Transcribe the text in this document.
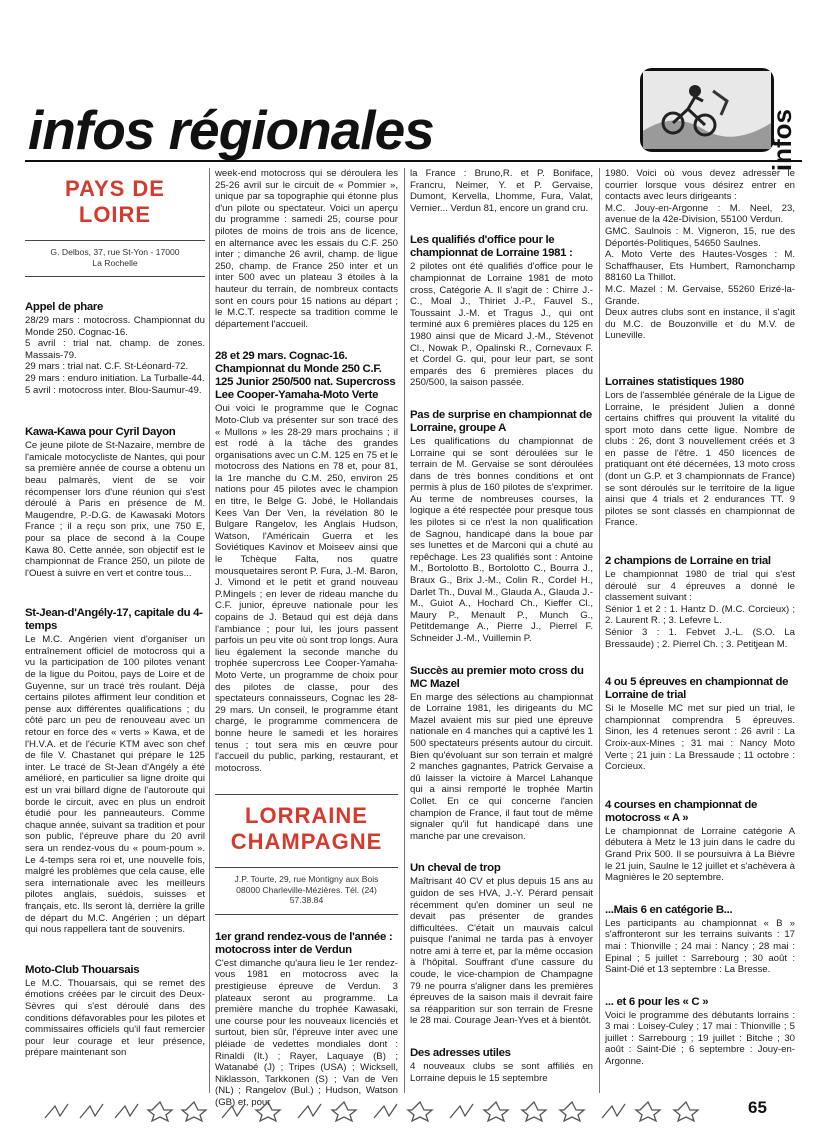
infos régionales	infos
PAYS DE
LOIRE
G. Delbos, 37, rue St-Yon - 17000
La Rochelle
Appel de phare

28/29 mars : motocross. Championnat du Monde 250. Cognac-16.
5 avril : trial nat. champ. de zones. Massais-79.
29 mars : trial nat. C.F. St-Léonard-72.
29 mars : enduro initiation. La Turballe-44.
5 avril : motocross inter. Blou-Saumur-49.

Kawa-Kawa pour Cyril Dayon

Ce jeune pilote de St-Nazaire, membre de l'amicale motocycliste de Nantes, qui pour sa première année de course a obtenu un beau palmarès, vient de se voir récompenser lors d'une réunion qui s'est déroulé à Paris en présence de M. Maugendre, P.-D.G. de Kawasaki Motors France ; il a reçu son prix, une 750 E, pour sa place de second à la Coupe Kawa 80. Cette année, son objectif est le championnat de France 250, un pilote de l'Ouest à suivre en vert et contre tous...

St-Jean-d'Angély-17, capitale du 4-temps

Le M.C. Angérien vient d'organiser un entraînement officiel de motocross qui a vu la participation de 100 pilotes venant de la ligue du Poitou, pays de Loire et de Guyenne, sur un tracé très roulant. Déjà certains pilotes affirment leur condition et pense aux différentes qualifications ; du côté parc un peu de renouveau avec un retour en force des « verts » Kawa, et de l'H.V.A. et de l'écurie KTM avec son chef de file V. Chastanet qui prépare le 125 inter. Le tracé de St-Jean d'Angély a été amélioré, en particulier sa ligne droite qui est un vrai billard digne de l'autoroute qui borde le circuit, avec en plus un endroit étudié pour les panneauteurs. Comme chaque année, suivant sa tradition et pour son public, l'épreuve phare du 20 avril sera un rendez-vous du « poum-poum ». Le 4-temps sera roi et, une nouvelle fois, malgré les problèmes que cela cause, elle sera internationale avec les meilleurs pilotes anglais, suédois, suisses et français, etc. Ils seront là, derrière la grille de départ du M.C. Angérien ; un départ qui nous rappellera tant de souvenirs.

Moto-Club Thouarsais

Le M.C. Thouarsais, qui se remet des émotions créées par le circuit des Deux-Sèvres qui s'est déroulé dans des conditions défavorables pour les pilotes et commissaires officiels qu'il faut remercier pour leur courage et leur présence, prépare maintenant son

week-end motocross qui se déroulera les 25-26 avril sur le circuit de « Pommier », unique par sa topographie qui étonne plus d'un pilote ou spectateur. Voici un aperçu du programme : samedi 25, course pour pilotes de moins de trois ans de licence, en alternance avec les essais du C.F. 250 inter ; dimanche 26 avril, champ. de ligue 250, champ. de France 250 inter et un inter 500 avec un plateau 3 étoiles à la hauteur du terrain, de nombreux contacts sont en cours pour 15 nations au départ ; le M.C.T. respecte sa tradition comme le département l'accueil.

28 et 29 mars. Cognac-16. Championnat du Monde 250 C.F. 125 Junior 250/500 nat. Supercross Lee Cooper-Yamaha-Moto Verte

Oui voici le programme que le Cognac Moto-Club va présenter sur son tracé des « Mullons » les 28-29 mars prochains ; il est rodé à la tâche des grandes organisations avec un C.M. 125 en 75 et le motocross des Nations en 78 et, pour 81, la 1re manche du C.M. 250, environ 25 nations pour 45 pilotes avec le champion en titre, le Belge G. Jobé, le Hollandais Kees Van Der Ven, la révélation 80 le Bulgare Rangelov, les Anglais Hudson, Watson, l'Américain Guerra et les Soviétiques Kavinov et Moiseev ainsi que le Tchèque Falta, nos quatre mousquetaires seront P. Fura, J.-M. Baron, J. Vimond et le petit et grand nouveau P.Mingels ; en lever de rideau manche du C.F. junior, épreuve nationale pour les copains de J. Betaud qui est déjà dans l'ambiance ; pour lui, les jours passent parfois un peu vite où sont trop longs. Aura lieu également la seconde manche du trophée supercross Lee Cooper-Yamaha-Moto Verte, un programme de choix pour des pilotes de classe, pour des spectateurs connaisseurs, Cognac les 28-29 mars. Un conseil, le programme étant chargé, le programme commencera de bonne heure le samedi et les horaires tenus ; tout sera mis en œuvre pour l'accueil du public, parking, restaurant, et motocross.

LORRAINE
CHAMPAGNE
J.P. Tourte, 29, rue Montigny aux Bois
08000 Charleville-Mézières. Tél. (24)
57.38.84
1er grand rendez-vous de l'année : motocross inter de Verdun

C'est dimanche qu'aura lieu le 1er rendez-vous 1981 en motocross avec la prestigieuse épreuve de Verdun. 3 plateaux seront au programme. La première manche du trophée Kawasaki, une course pour les nouveaux licenciés et surtout, bien sûr, l'épreuve inter avec une pléiade de vedettes mondiales dont : Rinaldi (It.) ; Rayer, Laquaye (B) ; Watanabé (J) ; Tripes (USA) ; Wicksell, Niklasson, Tarkkonen (S) ; Van de Ven (NL) ; Rangelov (Bul.) ; Hudson, Watson (GB) et, pour

la France : Bruno,R. et P. Boniface, Francru, Neimer, Y. et P. Gervaise, Dumont, Kervella, Lhomme, Fura, Valat, Vernier... Verdun 81, encore un grand cru.

Les qualifiés d'office pour le championnat de Lorraine 1981 :

2 pilotes ont été qualifiés d'office pour le championnat de Lorraine 1981 de moto cross, Catégorie A. Il s'agit de : Chirre J.-C., Moal J., Thiriet J.-P., Fauvel S., Toussaint J.-M. et Tragus J., qui ont terminé aux 6 premières places du 125 en 1980 ainsi que de Micard J.-M., Stévenot Cl., Nowak P., Opalinski R., Cornevaux F. et Cordel G. qui, pour leur part, se sont emparés des 6 premières places du 250/500, la saison passée.

Pas de surprise en championnat de Lorraine, groupe A

Les qualifications du championnat de Lorraine qui se sont déroulées sur le terrain de M. Gervaise se sont déroulées dans de très bonnes conditions et ont permis à plus de 160 pilotes de s'exprimer. Au terme de nombreuses courses, la logique a été respectée pour presque tous les pilotes si ce n'est la non qualification de Sagnou, handicapé dans la boue par ses lunettes et de Marconi qui a chuté au repêchage. Les 23 qualifiés sont : Antoine M., Bortolotto B., Bortolotto C., Bourra J., Braux G., Brix J.-M., Colin R., Cordel H., Darlet Th., Duval M., Glauda A., Glauda J.-M., Guiot A., Hochard Ch., Kieffer Cl., Maury P., Menault P., Munch G., Petitdemange A., Pierre J., Pierrel F. Schneider J.-M., Vuillemin P.

Succès au premier moto cross du MC Mazel

En marge des sélections au championnat de Lorraine 1981, les dirigeants du MC Mazel avaient mis sur pied une épreuve nationale en 4 manches qui a captivé les 1 500 spectateurs présents autour du circuit. Bien qu'évoluant sur son terrain et malgré 2 manches gagnantes, Patrick Gervaise a dû laisser la victoire à Marcel Lahanque qui a ainsi remporté le trophée Martin Collet. En ce qui concerne l'ancien champion de France, il faut tout de même signaler qu'il fut handicapé dans une manche par une crevaison.

Un cheval de trop

Maîtrisant 40 CV et plus depuis 15 ans au guidon de ses HVA, J.-Y. Pérard pensait récemment qu'en dominer un seul ne devait pas présenter de grandes difficultées. C'était un mauvais calcul puisque l'animal ne tarda pas à envoyer notre ami à terre et, par la même occasion à l'hôpital. Souffrant d'une cassure du coude, le vice-champion de Champagne 79 ne pourra s'aligner dans les premières épreuves de la saison mais il devrait faire sa réapparition sur son terrain de Fresne le 28 mai. Courage Jean-Yves et à bientôt.

Des adresses utiles

4 nouveaux clubs se sont affiliés en Lorraine depuis le 15 septembre

1980. Voici où vous devez adresser le courrier lorsque vous désirez entrer en contacts avec leurs dirigeants :
M.C. Jouy-en-Argonne : M. Neel, 23, avenue de la 42e-Division, 55100 Verdun.
GMC. Saulnois : M. Vigneron, 15, rue des Déportés-Politiques, 54650 Saulnes.
A. Moto Verte des Hautes-Vosges : M. Schaffhauser, Ets Humbert, Ramonchamp 88160 La Thillot.
M.C. Mazel : M. Gervaise, 55260 Erizé-la-Grande.
Deux autres clubs sont en instance, il s'agit du M.C. de Bouzonville et du M.V. de Luneville.

Lorraines statistiques 1980

Lors de l'assemblée générale de la Ligue de Lorraine, le président Julien a donné certains chiffres qui prouvent la vitalité du sport moto dans cette ligue. Nombre de clubs : 26, dont 3 nouvellement créés et 3 en passe de l'être. 1 450 licences de pratiquant ont été décernées, 13 moto cross (dont un G.P. et 3 championnats de France) se sont déroulés sur le territoire de la ligue ainsi que 4 trials et 2 endurances TT. 9 pilotes se sont classés en championnat de France.

2 champions de Lorraine en trial

Le championnat 1980 de trial qui s'est déroulé sur 4 épreuves a donné le classement suivant :
Sénior 1 et 2 : 1. Hantz D. (M.C. Corcieux) ; 2. Laurent R. ; 3. Lefevre L.
Sénior 3 : 1. Febvet J.-L. (S.O. La Bressaude) ; 2. Pierrel Ch. ; 3. Petitjean M.

4 ou 5 épreuves en championnat de Lorraine de trial

Si le Moselle MC met sur pied un trial, le championnat comprendra 5 épreuves. Sinon, les 4 retenues seront : 26 avril : La Croix-aux-Mines ; 31 mai : Nancy Moto Verte ; 21 juin : La Bressaude ; 11 octobre : Corcieux.

4 courses en championnat de motocross « A »

Le championnat de Lorraine catégorie A débutera à Metz le 13 juin dans le cadre du Grand Prix 500. Il se poursuivra à La Bièvre le 21 juin, Saulne le 12 juillet et s'achèvera à Magnières le 20 septembre.

...Mais 6 en catégorie B...

Les participants au championnat « B » s'affronteront sur les terrains suivants : 17 mai : Thionville ; 24 mai : Nancy ; 28 mai : Epinal ; 5 juillet : Sarrebourg ; 30 août : Saint-Dié et 13 septembre : La Bresse.

... et 6 pour les « C »

Voici le programme des débutants lorrains : 3 mai : Loisey-Culey ; 17 mai : Thionville ; 5 juillet : Sarrebourg ; 19 juillet : Bitche ; 30 août : Saint-Dié ; 6 septembre : Jouy-en-Argonne.

65
